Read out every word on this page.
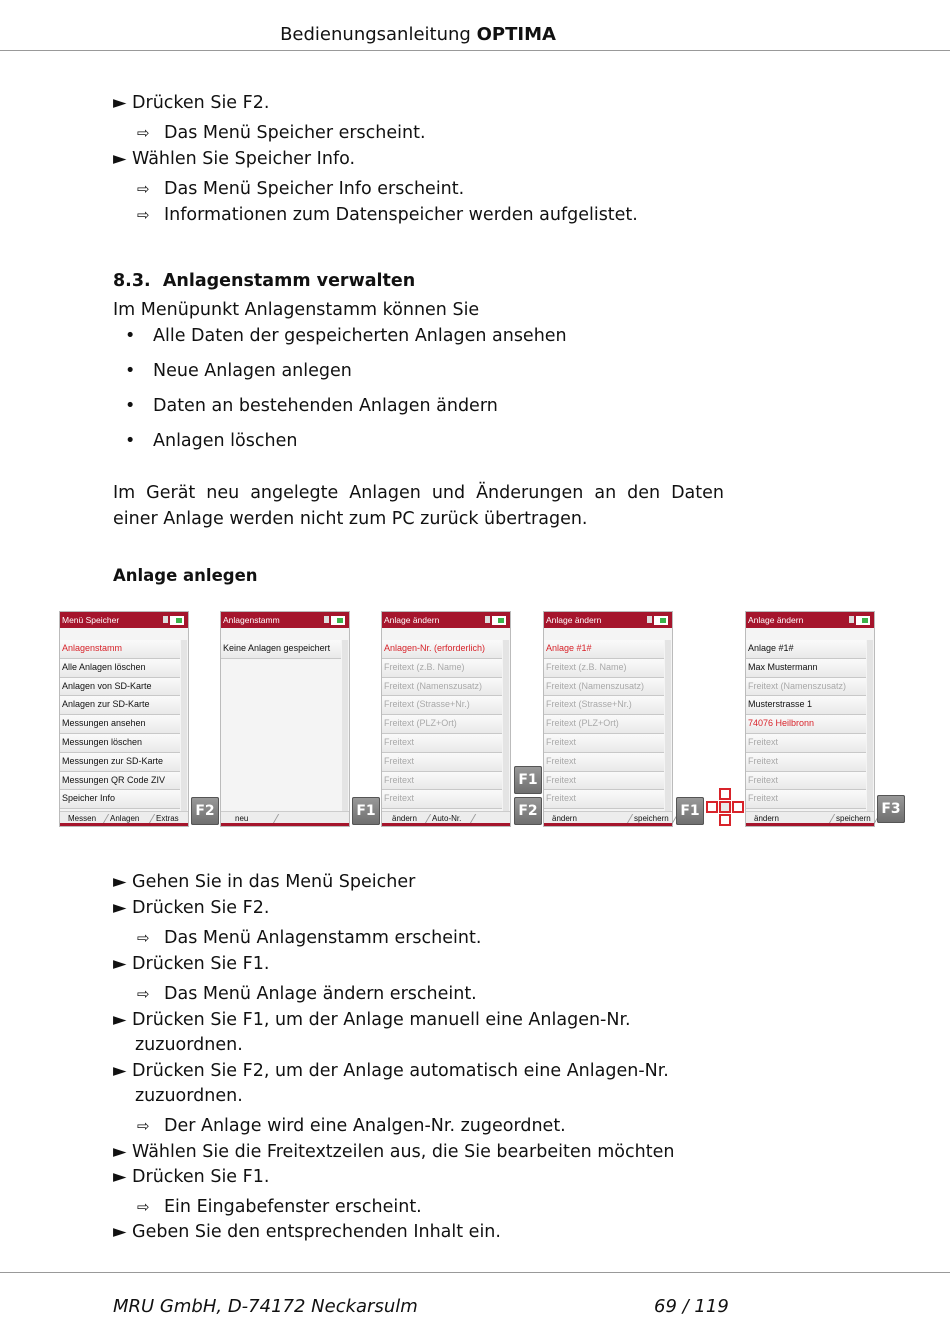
Bedienungsanleitung OPTIMA
► Drücken Sie F2.
⇨ Das Menü Speicher erscheint.
► Wählen Sie Speicher Info.
⇨ Das Menü Speicher Info erscheint.
⇨ Informationen zum Datenspeicher werden aufgelistet.
8.3. Anlagenstamm verwalten
Im Menüpunkt Anlagenstamm können Sie
• Alle Daten der gespeicherten Anlagen ansehen
• Neue Anlagen anlegen
• Daten an bestehenden Anlagen ändern
• Anlagen löschen
Im Gerät neu angelegte Anlagen und Änderungen an den Daten einer Anlage werden nicht zum PC zurück übertragen.
Anlage anlegen
Menü Speicher
Anlagenstamm
Alle Anlagen löschen
Anlagen von SD-Karte
Anlagen zur SD-Karte
Messungen ansehen
Messungen löschen
Messungen zur SD-Karte
Messungen QR Code ZIV
Speicher Info
Messen Anlagen Extras	F2
Anlagenstamm
Keine Anlagen gespeichert
neu	F1
Anlage ändern
Anlagen-Nr. (erforderlich)
Freitext (z.B. Name)
Freitext (Namenszusatz)
Freitext (Strasse+Nr.)
Freitext (PLZ+Ort)
Freitext
Freitext
Freitext
Freitext
ändern Auto-Nr.
F1
F2
Anlage ändern
Anlage #1#
Freitext (z.B. Name)
Freitext (Namenszusatz)
Freitext (Strasse+Nr.)
Freitext (PLZ+Ort)
Freitext
Freitext
Freitext
Freitext
ändern	speichern F1
Anlage ändern
Anlage #1#
Max Mustermann
Freitext (Namenszusatz)
Musterstrasse 1
74076 Heilbronn
Freitext
Freitext
Freitext
Freitext
ändern	speichern
F3
► Gehen Sie in das Menü Speicher
► Drücken Sie F2.
⇨ Das Menü Anlagenstamm erscheint.
► Drücken Sie F1.
⇨ Das Menü Anlage ändern erscheint.
► Drücken Sie F1, um der Anlage manuell eine Anlagen-Nr.
zuzuordnen.
► Drücken Sie F2, um der Anlage automatisch eine Anlagen-Nr.
zuzuordnen.
⇨ Der Anlage wird eine Analgen-Nr. zugeordnet.
► Wählen Sie die Freitextzeilen aus, die Sie bearbeiten möchten
► Drücken Sie F1.
⇨ Ein Eingabefenster erscheint.
► Geben Sie den entsprechenden Inhalt ein.
MRU GmbH, D-74172 Neckarsulm	69 / 119
